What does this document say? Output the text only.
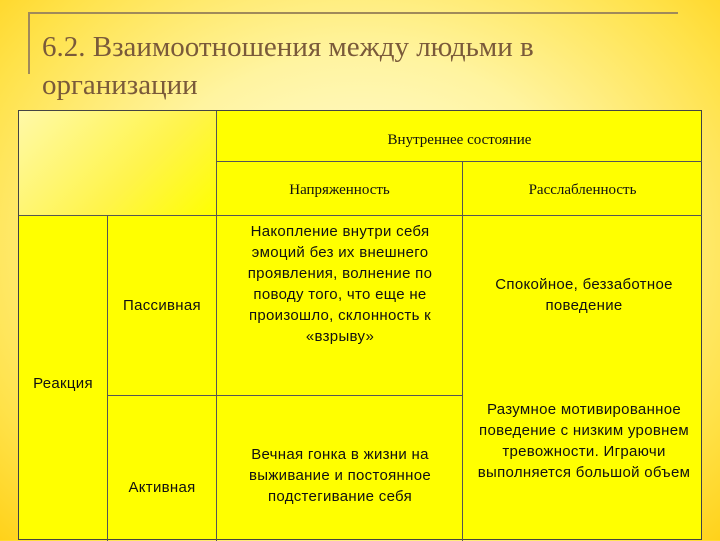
6.2. Взаимоотношения между людьми в организации
Внутреннее состояние
Напряженность	Расслабленность
Реакция
Пассивная
Накопление внутри себя эмоций без их внешнего проявления, волнение по поводу того, что еще не произошло, склонность к «взрыву»
Спокойное, беззаботное поведение
Активная
Вечная гонка в жизни на выживание и постоянное подстегивание себя
Разумное мотивированное поведение с низким уровнем тревожности. Играючи выполняется большой объем
